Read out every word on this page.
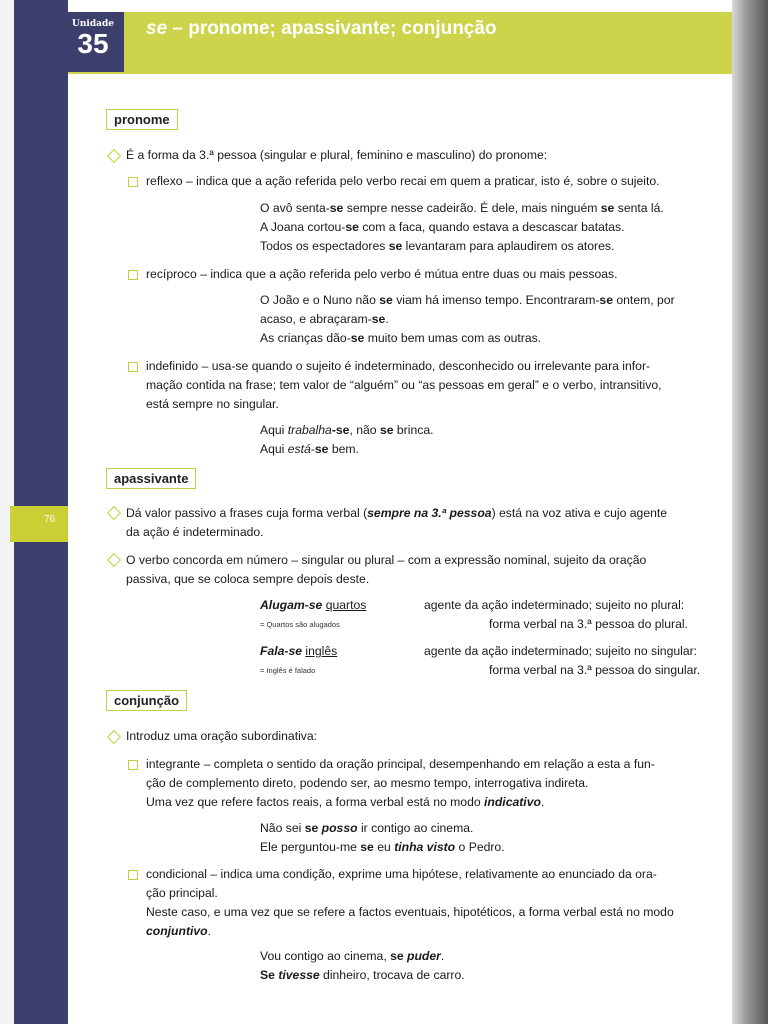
76
Unidade
35	se – pronome; apassivante; conjunção
pronome
É a forma da 3.ª pessoa (singular e plural, feminino e masculino) do pronome:
reflexo – indica que a ação referida pelo verbo recai em quem a praticar, isto é, sobre o sujeito.
O avô senta-se sempre nesse cadeirão. É dele, mais ninguém se senta lá.
A Joana cortou-se com a faca, quando estava a descascar batatas.
Todos os espectadores se levantaram para aplaudirem os atores.
recíproco – indica que a ação referida pelo verbo é mútua entre duas ou mais pessoas.
O João e o Nuno não se viam há imenso tempo. Encontraram-se ontem, por
acaso, e abraçaram-se.
As crianças dão-se muito bem umas com as outras.
indefinido – usa-se quando o sujeito é indeterminado, desconhecido ou irrelevante para infor-
mação contida na frase; tem valor de “alguém” ou “as pessoas em geral” e o verbo, intransitivo,
está sempre no singular.
Aqui trabalha-se, não se brinca.
Aqui está-se bem.
apassivante
Dá valor passivo a frases cuja forma verbal (sempre na 3.ª pessoa) está na voz ativa e cujo agente
da ação é indeterminado.
O verbo concorda em número – singular ou plural – com a expressão nominal, sujeito da oração
passiva, que se coloca sempre depois deste.
Alugam-se quartos
= Quartos são alugados
agente da ação indeterminado; sujeito no plural:
forma verbal na 3.ª pessoa do plural.
Fala-se inglês
= Inglês é falado
agente da ação indeterminado; sujeito no singular:
forma verbal na 3.ª pessoa do singular.
conjunção
Introduz uma oração subordinativa:
integrante – completa o sentido da oração principal, desempenhando em relação a esta a fun-
ção de complemento direto, podendo ser, ao mesmo tempo, interrogativa indireta.
Uma vez que refere factos reais, a forma verbal está no modo indicativo.
Não sei se posso ir contigo ao cinema.
Ele perguntou-me se eu tinha visto o Pedro.
condicional – indica uma condição, exprime uma hipótese, relativamente ao enunciado da ora-
ção principal.
Neste caso, e uma vez que se refere a factos eventuais, hipotéticos, a forma verbal está no modo
conjuntivo.
Vou contigo ao cinema, se puder.
Se tivesse dinheiro, trocava de carro.
